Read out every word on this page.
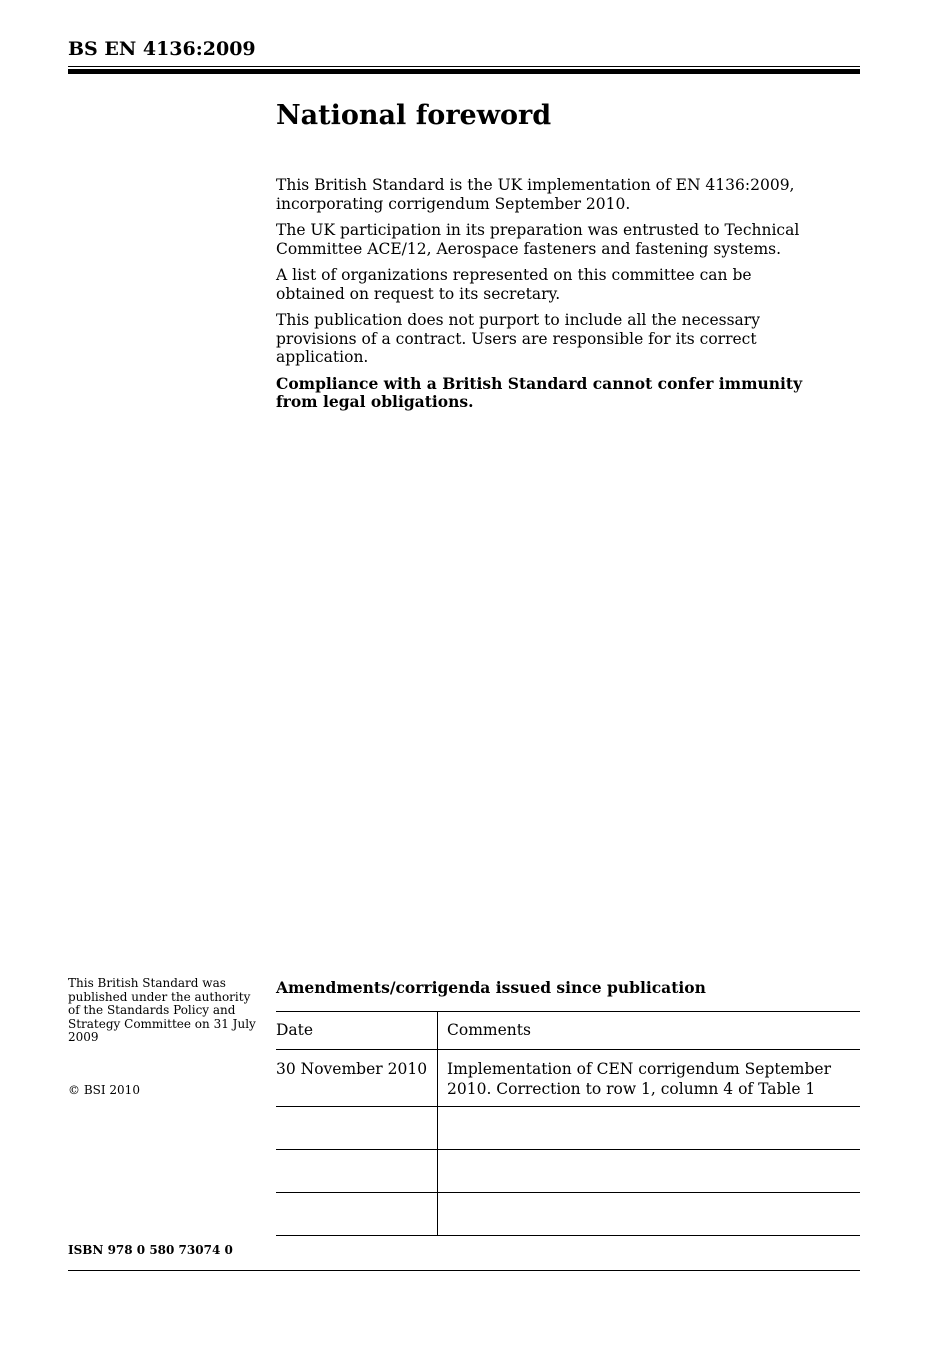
BS EN 4136:2009
National foreword

This British Standard is the UK implementation of EN 4136:2009, incorporating corrigendum September 2010.

The UK participation in its preparation was entrusted to Technical Committee ACE/12, Aerospace fasteners and fastening systems.

A list of organizations represented on this committee can be obtained on request to its secretary.

This publication does not purport to include all the necessary provisions of a contract. Users are responsible for its correct application.

Compliance with a British Standard cannot confer immunity from legal obligations.

This British Standard was published under the authority of the Standards Policy and Strategy Committee on 31 July 2009
© BSI 2010
ISBN 978 0 580 73074 0
Amendments/corrigenda issued since publication
Date	Comments
30 November 2010	Implementation of CEN corrigendum September 2010. Correction to row 1, column 4 of Table 1
